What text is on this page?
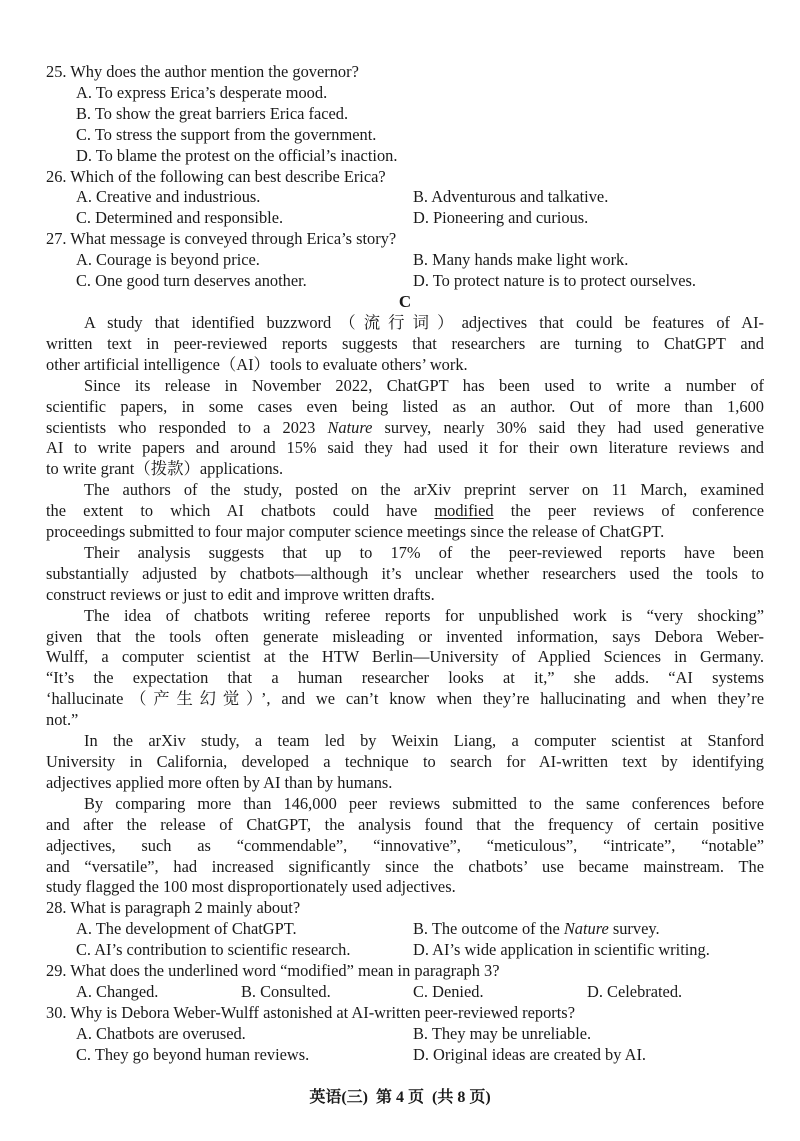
25. Why does the author mention the governor?

A. To express Erica’s desperate mood.

B. To show the great barriers Erica faced.

C. To stress the support from the government.

D. To blame the protest on the official’s inaction.

26. Which of the following can best describe Erica?

A. Creative and industrious.	B. Adventurous and talkative.
C. Determined and responsible.	D. Pioneering and curious.

27. What message is conveyed through Erica’s story?

A. Courage is beyond price.	B. Many hands make light work.
C. One good turn deserves another.	D. To protect nature is to protect ourselves.

C

A study that identified buzzword（流行词）adjectives that could be features of AI-
written text in peer-reviewed reports suggests that researchers are turning to ChatGPT and
other artificial intelligence（AI）tools to evaluate others’ work.
Since its release in November 2022, ChatGPT has been used to write a number of
scientific papers, in some cases even being listed as an author. Out of more than 1,600
scientists who responded to a 2023 Nature survey, nearly 30% said they had used generative
AI to write papers and around 15% said they had used it for their own literature reviews and
to write grant（拨款）applications.
The authors of the study, posted on the arXiv preprint server on 11 March, examined
the extent to which AI chatbots could have modified the peer reviews of conference
proceedings submitted to four major computer science meetings since the release of ChatGPT.
Their analysis suggests that up to 17% of the peer-reviewed reports have been
substantially adjusted by chatbots—although it’s unclear whether researchers used the tools to
construct reviews or just to edit and improve written drafts.
The idea of chatbots writing referee reports for unpublished work is “very shocking”
given that the tools often generate misleading or invented information, says Debora Weber-
Wulff, a computer scientist at the HTW Berlin—University of Applied Sciences in Germany.
“It’s the expectation that a human researcher looks at it,” she adds. “AI systems
‘hallucinate（产生幻觉）’, and we can’t know when they’re hallucinating and when they’re
not.”
In the arXiv study, a team led by Weixin Liang, a computer scientist at Stanford
University in California, developed a technique to search for AI-written text by identifying
adjectives applied more often by AI than by humans.
By comparing more than 146,000 peer reviews submitted to the same conferences before
and after the release of ChatGPT, the analysis found that the frequency of certain positive
adjectives, such as “commendable”, “innovative”, “meticulous”, “intricate”, “notable”
and “versatile”, had increased significantly since the chatbots’ use became mainstream. The
study flagged the 100 most disproportionately used adjectives.

28. What is paragraph 2 mainly about?

A. The development of ChatGPT.	B. The outcome of the Nature survey.
C. AI’s contribution to scientific research.	D. AI’s wide application in scientific writing.

29. What does the underlined word “modified” mean in paragraph 3?

A. Changed.	B. Consulted.	C. Denied.	D. Celebrated.

30. Why is Debora Weber-Wulff astonished at AI-written peer-reviewed reports?

A. Chatbots are overused.	B. They may be unreliable.
C. They go beyond human reviews.	D. Original ideas are created by AI.
英语(三) 第 4 页 (共 8 页)
